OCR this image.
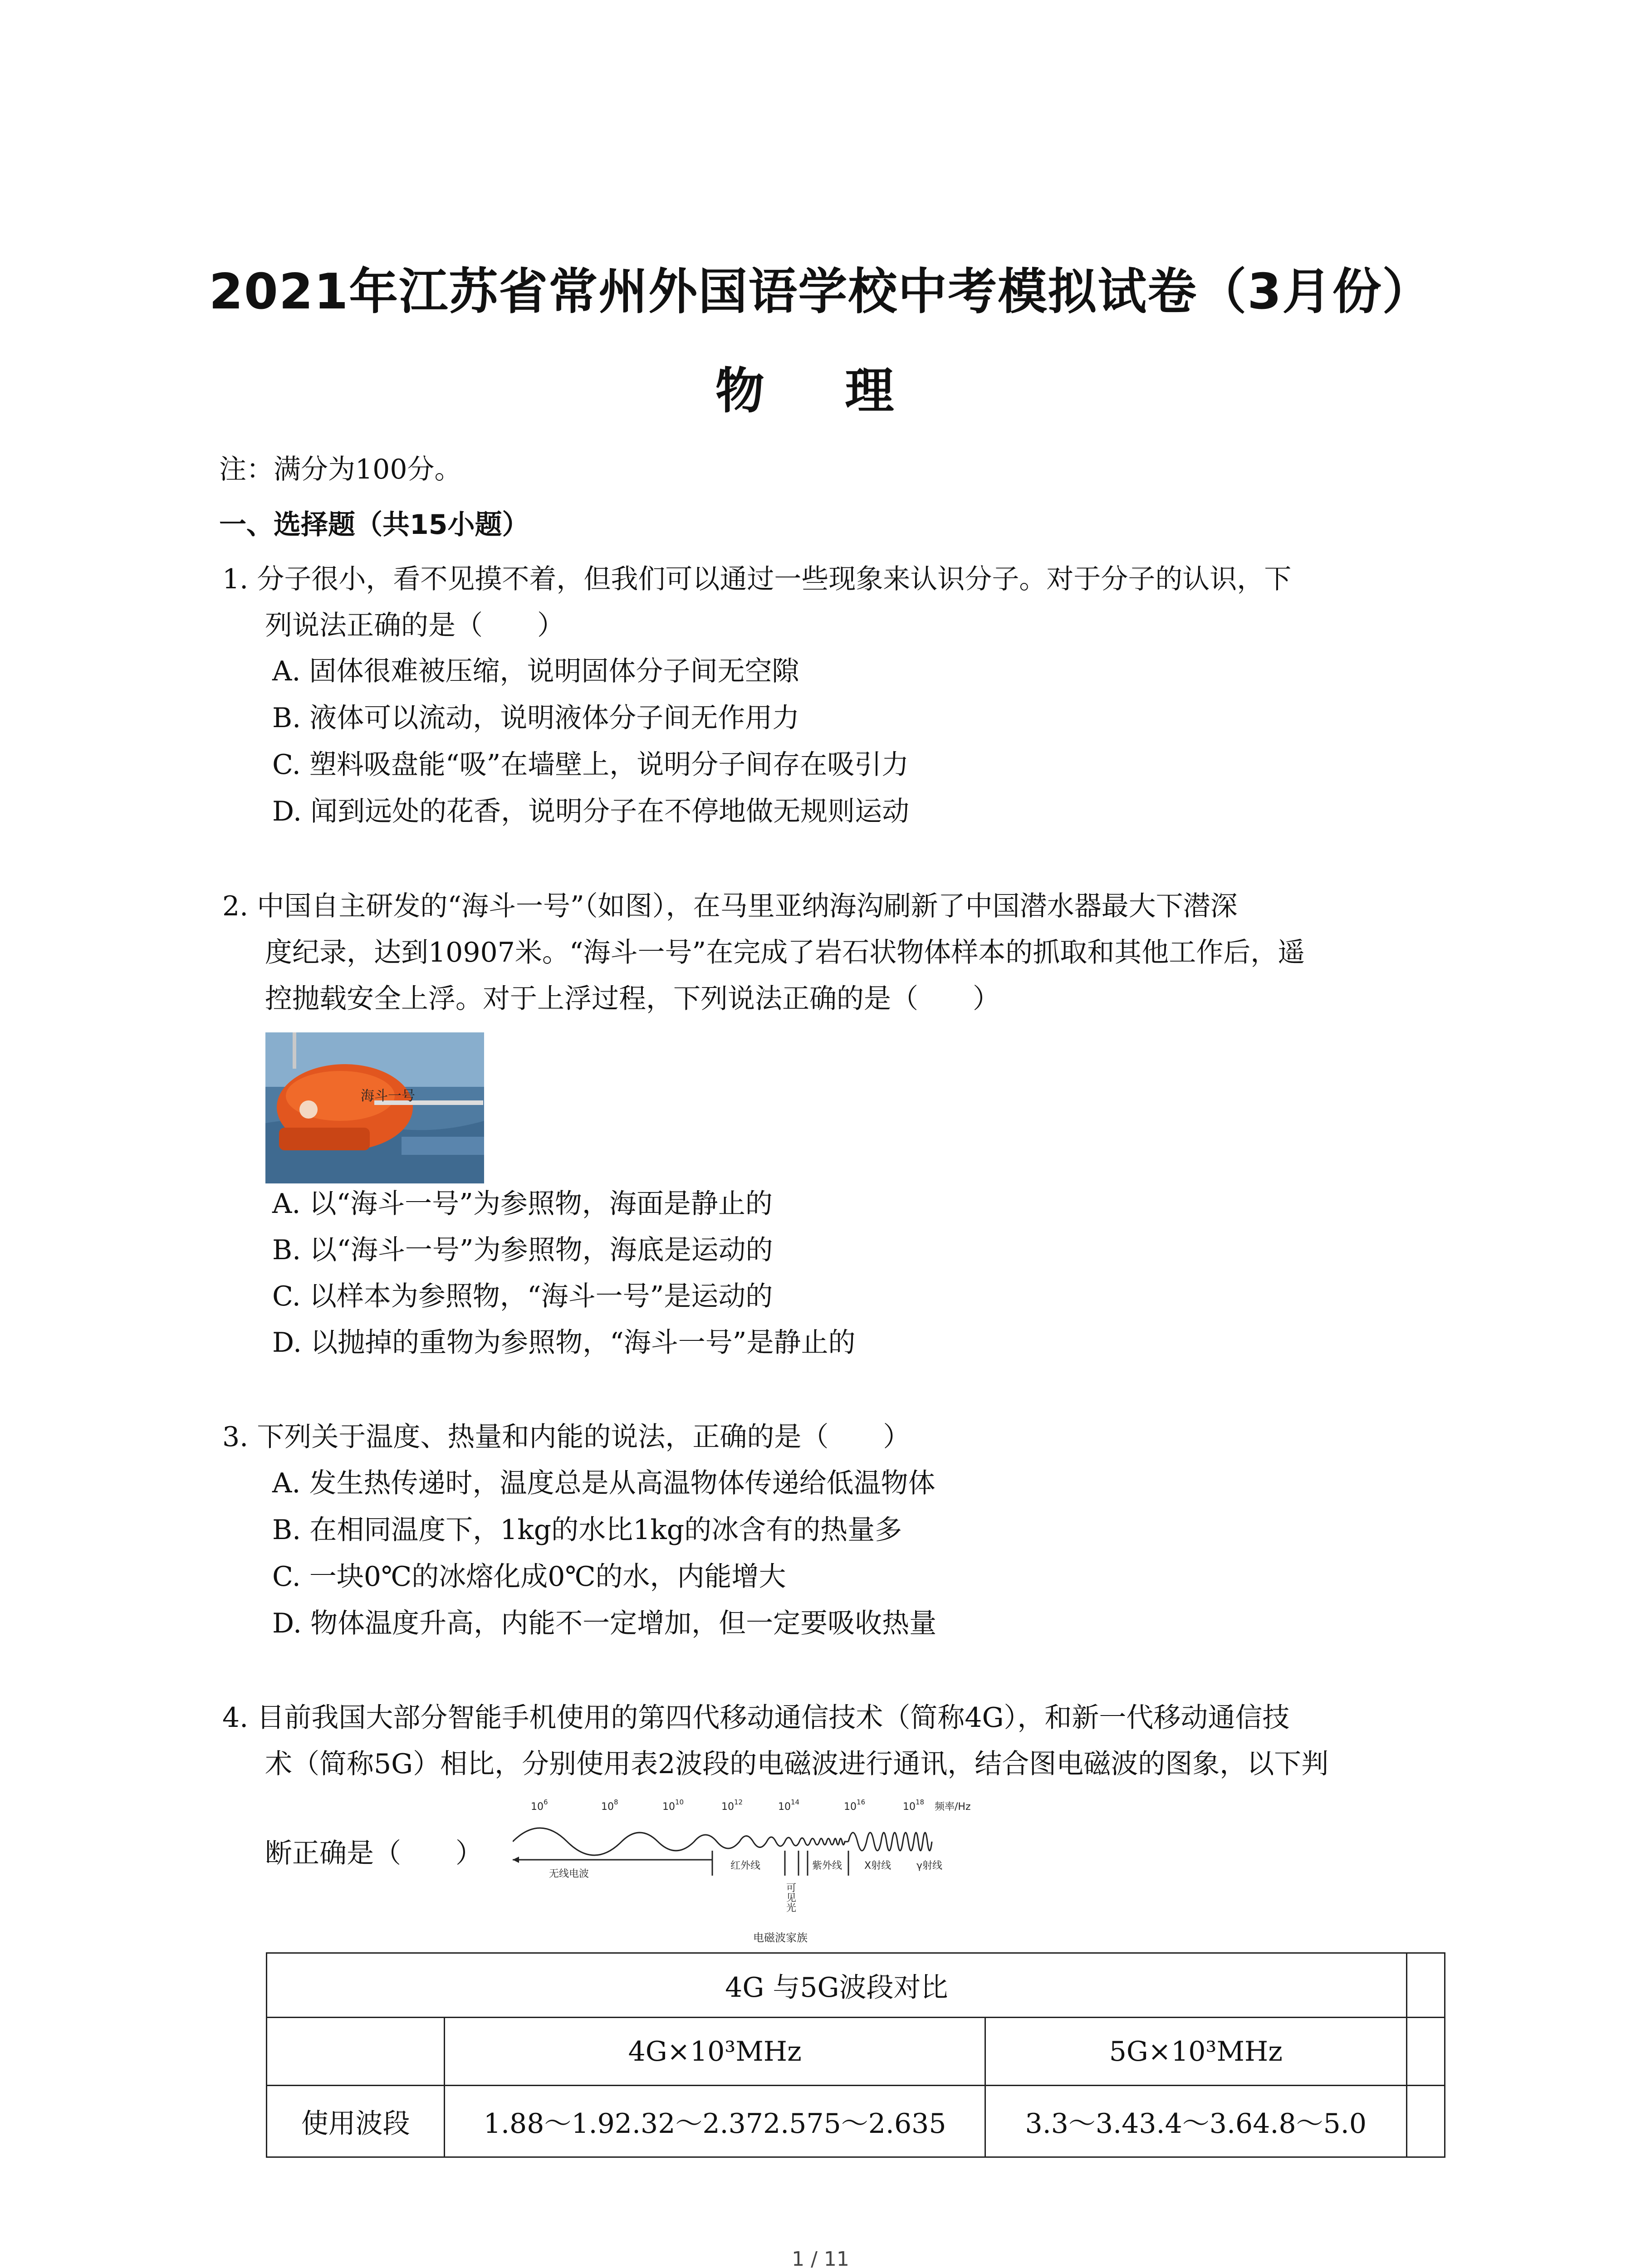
2021年江苏省常州外国语学校中考模拟试卷（3月份）
物 理
注：满分为100分。
一、选择题（共15小题）
1. 分子很小，看不见摸不着，但我们可以通过一些现象来认识分子。对于分子的认识，下
列说法正确的是（　　）
A. 固体很难被压缩，说明固体分子间无空隙
B. 液体可以流动，说明液体分子间无作用力
C. 塑料吸盘能“吸”在墙壁上，说明分子间存在吸引力
D. 闻到远处的花香，说明分子在不停地做无规则运动
2. 中国自主研发的“海斗一号”（如图），在马里亚纳海沟刷新了中国潜水器最大下潜深
度纪录，达到10907米。“海斗一号”在完成了岩石状物体样本的抓取和其他工作后，遥
控抛载安全上浮。对于上浮过程，下列说法正确的是（　　）
海斗一号
A. 以“海斗一号”为参照物，海面是静止的
B. 以“海斗一号”为参照物，海底是运动的
C. 以样本为参照物，“海斗一号”是运动的
D. 以抛掉的重物为参照物，“海斗一号”是静止的
3. 下列关于温度、热量和内能的说法，正确的是（　　）
A. 发生热传递时，温度总是从高温物体传递给低温物体
B. 在相同温度下，1kg的水比1kg的冰含有的热量多
C. 一块0℃的冰熔化成0℃的水，内能增大
D. 物体温度升高，内能不一定增加，但一定要吸收热量
4. 目前我国大部分智能手机使用的第四代移动通信技术（简称4G），和新一代移动通信技
术（简称5G）相比，分别使用表2波段的电磁波进行通讯，结合图电磁波的图象，以下判
断正确是（　　）
10 6	10 8	10 10	10 12	10 14	10 16	10 18 频率/Hz
无线电波
红外线
可见光
紫外线 X射线	γ射线
电磁波家族
4G 与5G波段对比			
	4G×10³MHz	5G×10³MHz	
使用波段	1.88～1.92.32～2.372.575～2.635	3.3～3.43.4～3.64.8～5.0	
1 / 11
